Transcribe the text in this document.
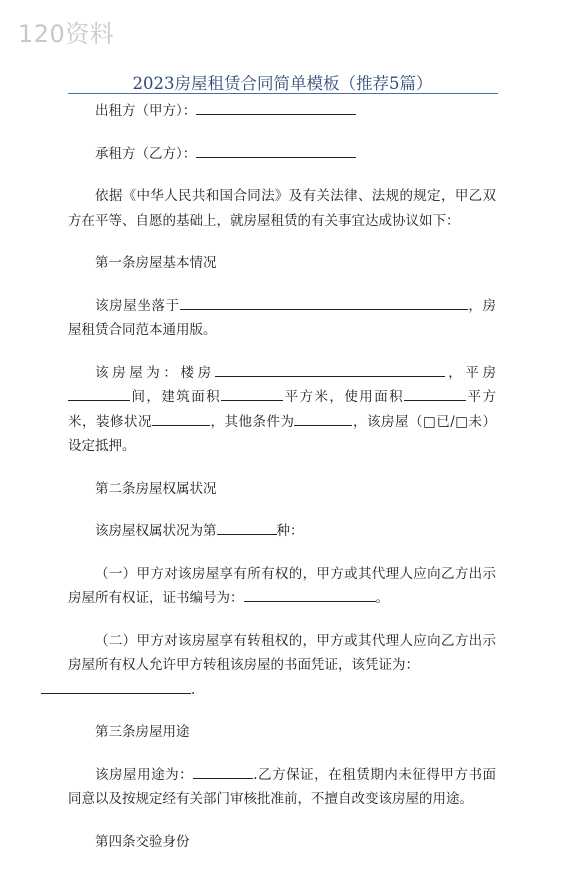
120资料
2023房屋租赁合同简单模板（推荐5篇）

出租方（甲方）：

承租方（乙方）：

依据《中华人民共和国合同法》及有关法律、法规的规定，甲乙双方在平等、自愿的基础上，就房屋租赁的有关事宜达成协议如下：

第一条房屋基本情况

该房屋坐落于	，房屋租赁合同范本通用版。

该房屋为：楼房	，平房间，建筑面积	平方米，使用面积	平方米，装修状况	，其他条件为	，该房屋（□已/□未）设定抵押。

第二条房屋权属状况

该房屋权属状况为第	种：

（一）甲方对该房屋享有所有权的，甲方或其代理人应向乙方出示房屋所有权证，证书编号为：	。

（二）甲方对该房屋享有转租权的，甲方或其代理人应向乙方出示房屋所有权人允许甲方转租该房屋的书面凭证，该凭证为：
.

第三条房屋用途

该房屋用途为：	.乙方保证，在租赁期内未征得甲方书面同意以及按规定经有关部门审核批准前，不擅自改变该房屋的用途。

第四条交验身份
